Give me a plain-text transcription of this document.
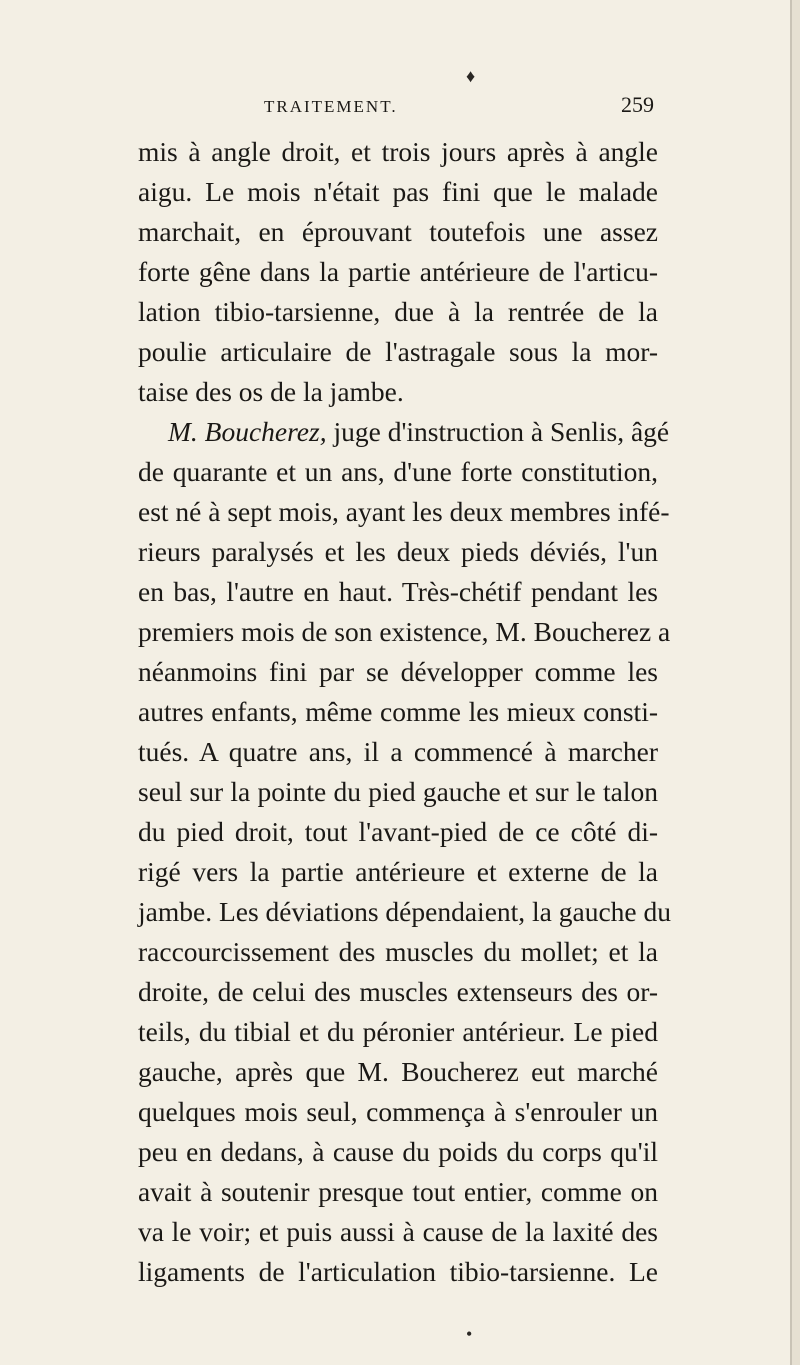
♦
TRAITEMENT.	259
mis à angle droit, et trois jours après à angle
aigu. Le mois n'était pas fini que le malade
marchait, en éprouvant toutefois une assez
forte gêne dans la partie antérieure de l'articu-
lation tibio-tarsienne, due à la rentrée de la
poulie articulaire de l'astragale sous la mor-
taise des os de la jambe.
M. Boucherez, juge d'instruction à Senlis, âgé
de quarante et un ans, d'une forte constitution,
est né à sept mois, ayant les deux membres infé-
rieurs paralysés et les deux pieds déviés, l'un
en bas, l'autre en haut. Très-chétif pendant les
premiers mois de son existence, M. Boucherez a
néanmoins fini par se développer comme les
autres enfants, même comme les mieux consti-
tués. A quatre ans, il a commencé à marcher
seul sur la pointe du pied gauche et sur le talon
du pied droit, tout l'avant-pied de ce côté di-
rigé vers la partie antérieure et externe de la
jambe. Les déviations dépendaient, la gauche du
raccourcissement des muscles du mollet; et la
droite, de celui des muscles extenseurs des or-
teils, du tibial et du péronier antérieur. Le pied
gauche, après que M. Boucherez eut marché
quelques mois seul, commença à s'enrouler un
peu en dedans, à cause du poids du corps qu'il
avait à soutenir presque tout entier, comme on
va le voir; et puis aussi à cause de la laxité des
ligaments de l'articulation tibio-tarsienne. Le
•
